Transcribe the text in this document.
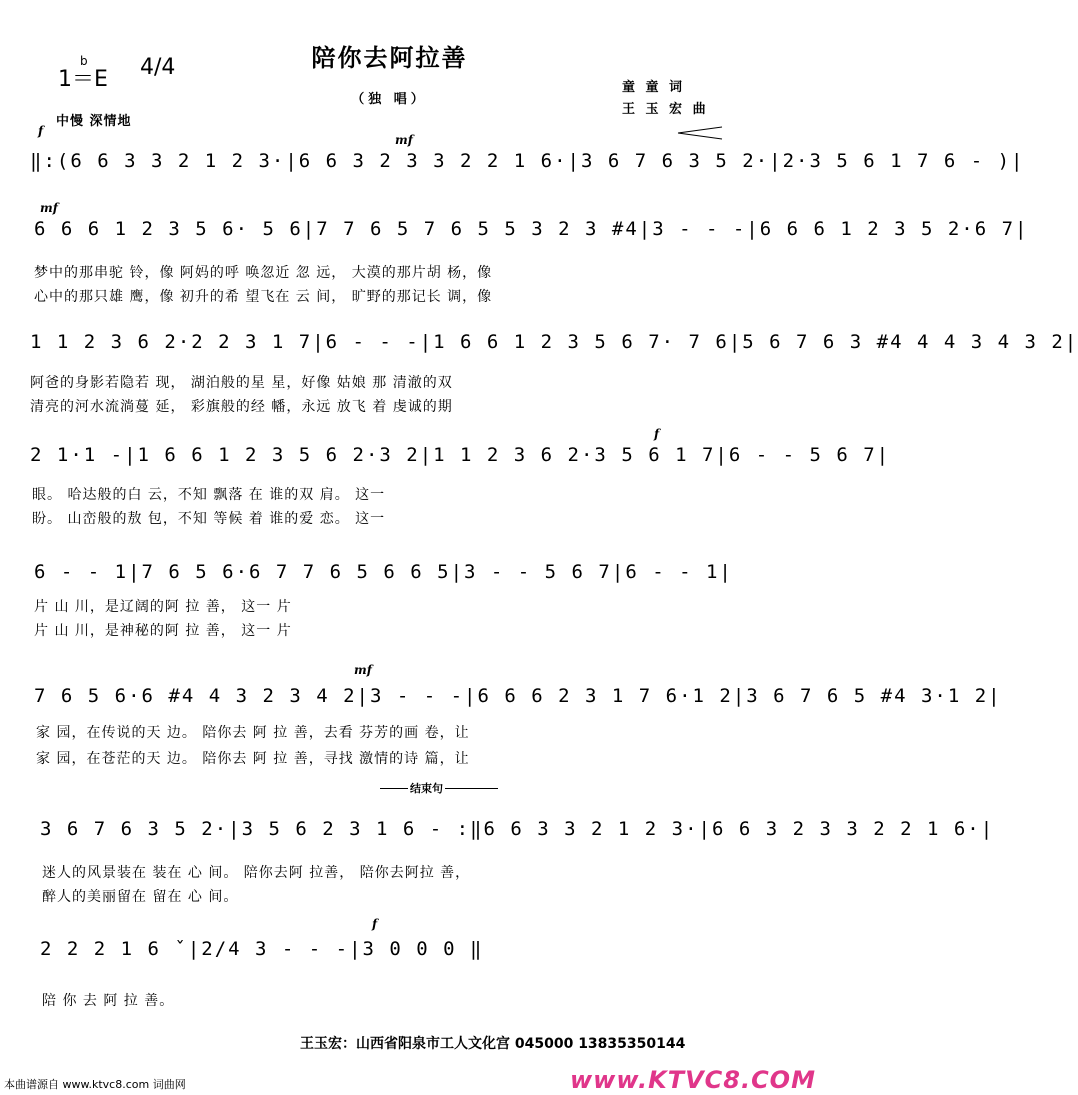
陪你去阿拉善
（独 唱）
1＝E
b 4/4
童 童 词
王 玉 宏 曲
中慢 深情地
f
mf
mf
f
mf
f
结束句
‖:(6 6 3 3 2 1 2 3·|6 6 3 2 3 3 2 2 1 6·|3 6 7 6 3 5 2·|2·3 5 6 1 7 6 - )|
6 6 6 1 2 3 5 6· 5 6|7 7 6 5 7 6 5 5 3 2 3 #4|3 - - -|6 6 6 1 2 3 5 2·6 7|
梦中的那串驼 铃，像 阿妈的呼 唤忽近 忽 远， 大漠的那片胡 杨，像
心中的那只雄 鹰，像 初升的希 望飞在 云 间， 旷野的那记长 调，像
1 1 2 3 6 2·2 2 3 1 7|6 - - -|1 6 6 1 2 3 5 6 7· 7 6|5 6 7 6 3 #4 4 4 3 4 3 2|
阿爸的身影若隐若 现， 湖泊般的星 星，好像 姑娘 那 清澈的双
清亮的河水流淌蔓 延， 彩旗般的经 幡，永远 放飞 着 虔诚的期
2 1·1 -|1 6 6 1 2 3 5 6 2·3 2|1 1 2 3 6 2·3 5 6 1 7|6 - - 5 6 7|
眼。 哈达般的白 云，不知 飘落 在 谁的双 肩。 这一
盼。 山峦般的敖 包，不知 等候 着 谁的爱 恋。 这一
6 - - 1|7 6 5 6·6 7 7 6 5 6 6 5|3 - - 5 6 7|6 - - 1|
片 山 川，是辽阔的阿 拉 善， 这一 片
片 山 川，是神秘的阿 拉 善， 这一 片
7 6 5 6·6 #4 4 3 2 3 4 2|3 - - -|6 6 6 2 3 1 7 6·1 2|3 6 7 6 5 #4 3·1 2|
家 园，在传说的天 边。 陪你去 阿 拉 善，去看 芬芳的画 卷，让
家 园，在苍茫的天 边。 陪你去 阿 拉 善，寻找 激情的诗 篇，让
3 6 7 6 3 5 2·|3 5 6 2 3 1 6 - :‖6 6 3 3 2 1 2 3·|6 6 3 2 3 3 2 2 1 6·|
迷人的风景装在 装在 心 间。 陪你去阿 拉善， 陪你去阿拉 善，
醉人的美丽留在 留在 心 间。
2 2 2 1 6 ˇ|2/4 3 - - -|3 0 0 0 ‖
陪 你 去 阿 拉 善。
王玉宏：山西省阳泉市工人文化宫 045000 13835350144
本曲谱源自 www.ktvc8.com 词曲网	www.KTVC8.COM
